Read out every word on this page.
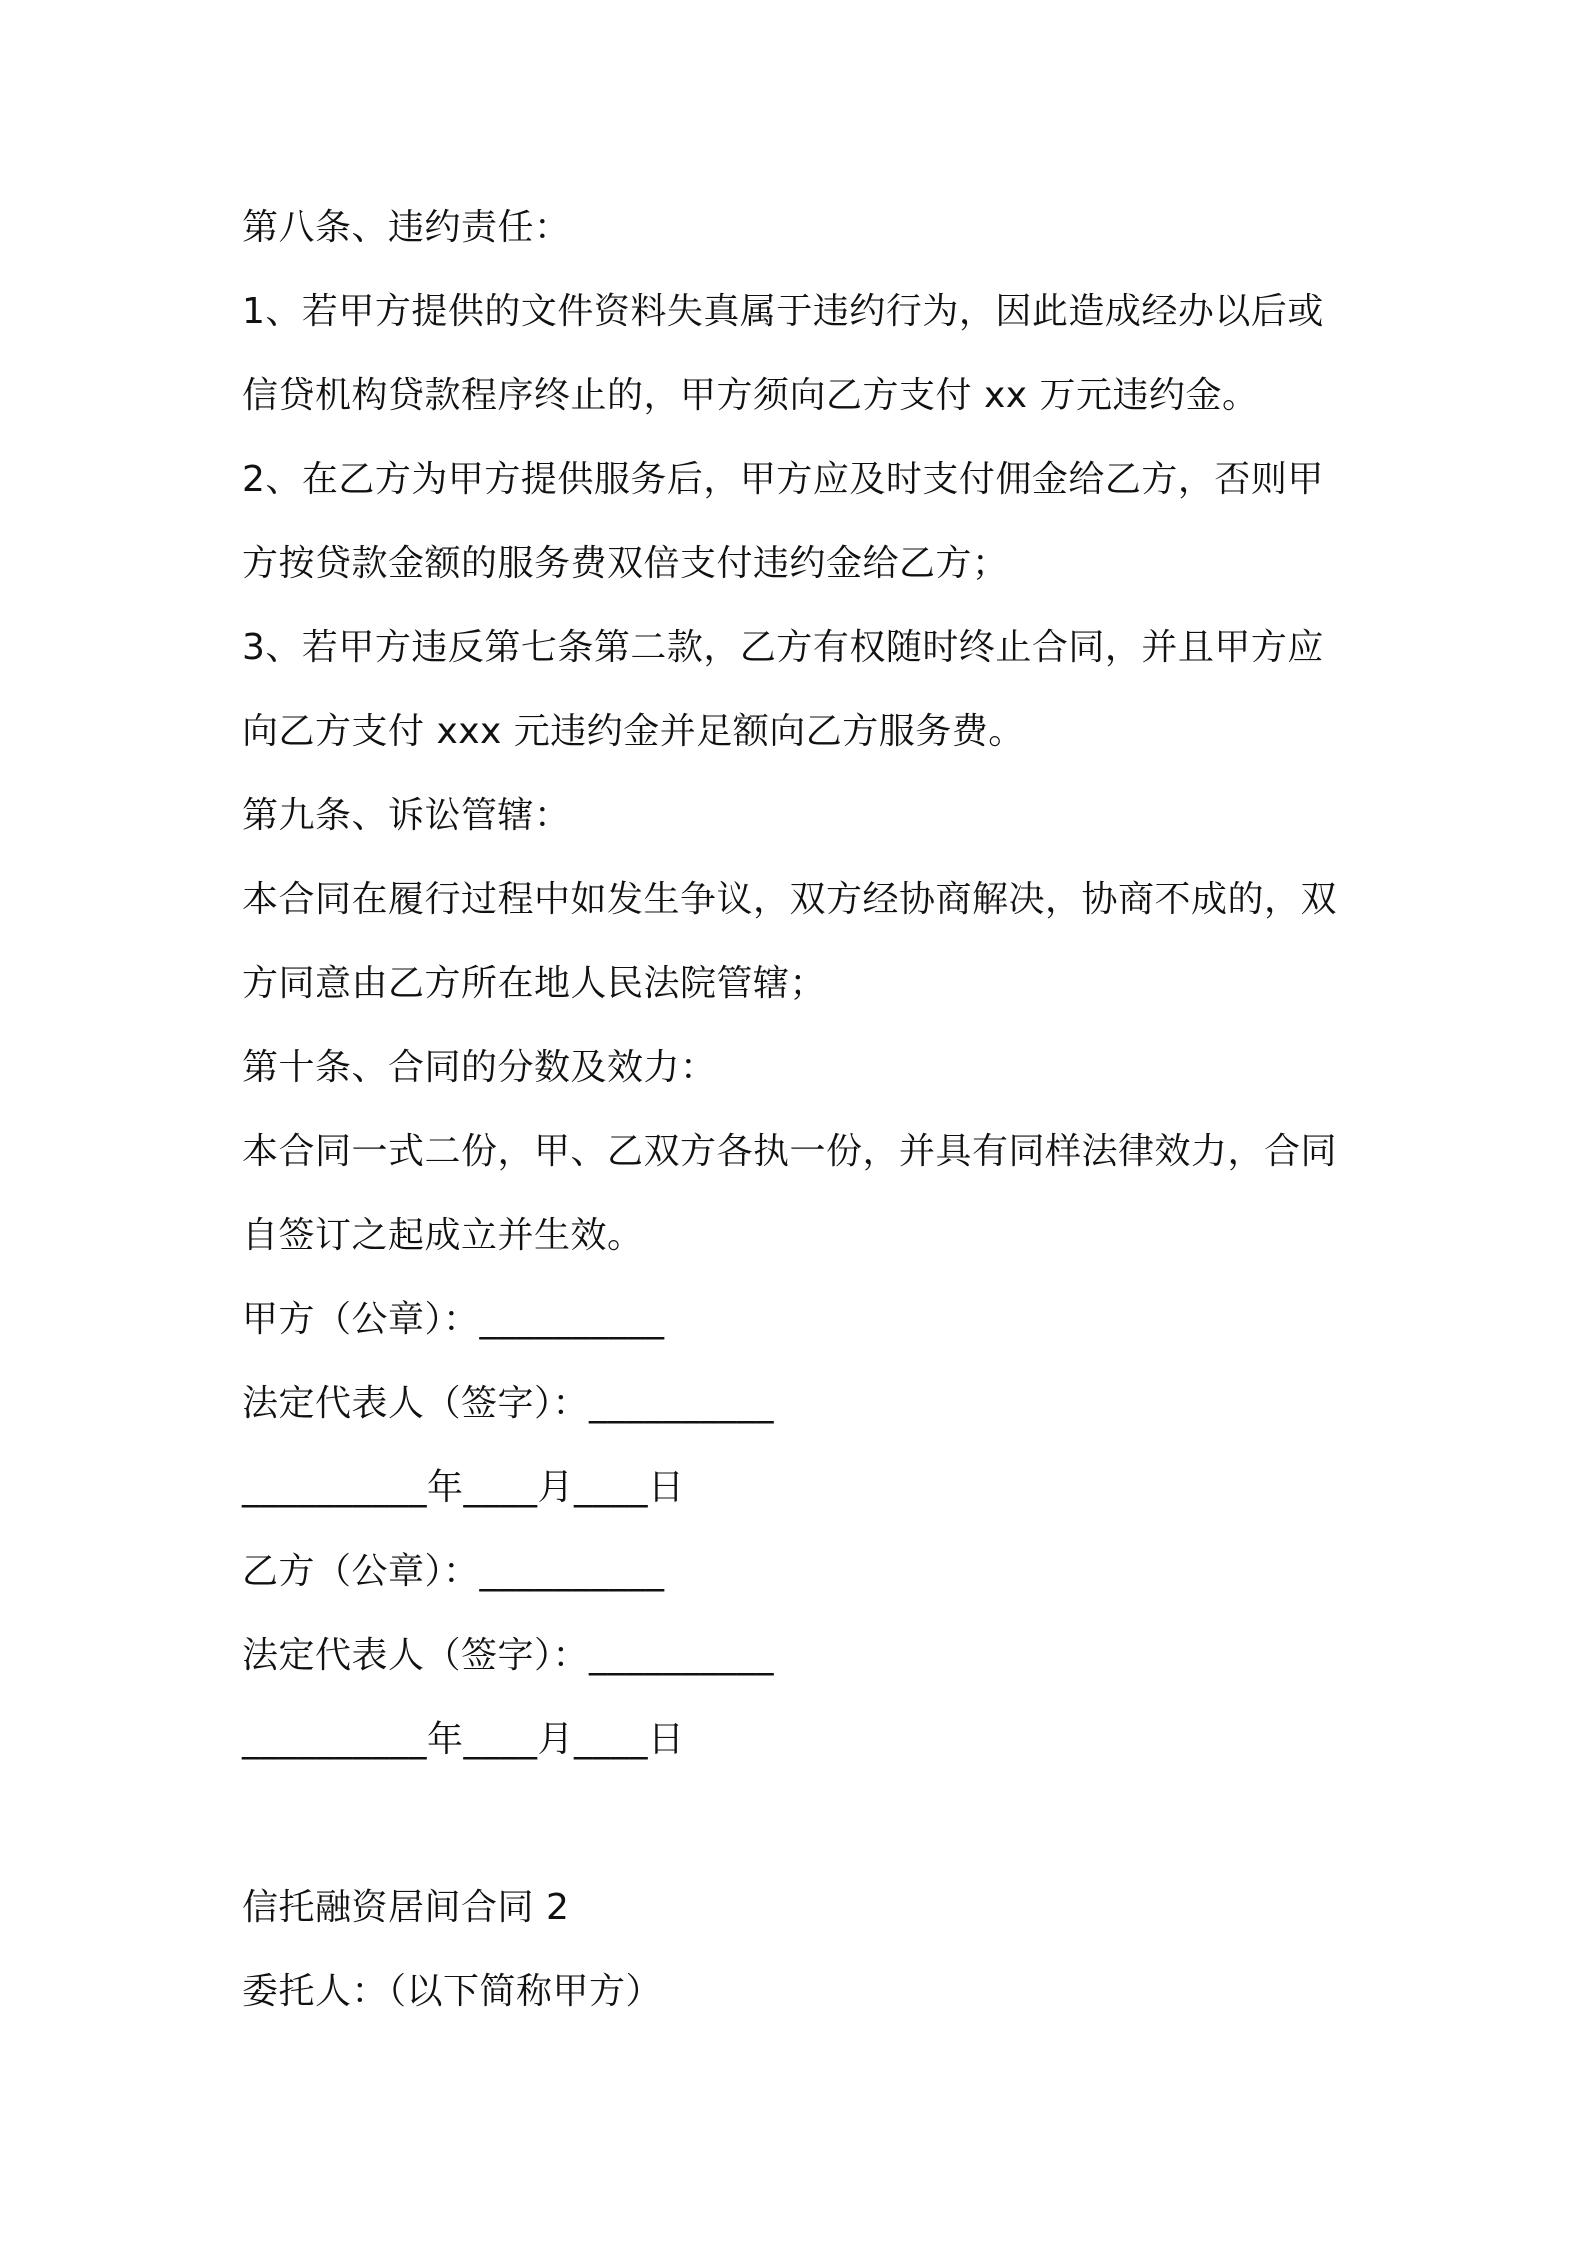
第八条、违约责任：
1、若甲方提供的文件资料失真属于违约行为，因此造成经办以后或
信贷机构贷款程序终止的，甲方须向乙方支付 xx 万元违约金。
2、在乙方为甲方提供服务后，甲方应及时支付佣金给乙方，否则甲
方按贷款金额的服务费双倍支付违约金给乙方；
3、若甲方违反第七条第二款，乙方有权随时终止合同，并且甲方应
向乙方支付 xxx 元违约金并足额向乙方服务费。
第九条、诉讼管辖：
本合同在履行过程中如发生争议，双方经协商解决，协商不成的，双
方同意由乙方所在地人民法院管辖；
第十条、合同的分数及效力：
本合同一式二份，甲、乙双方各执一份，并具有同样法律效力，合同
自签订之起成立并生效。
甲方（公章）：__________
法定代表人（签字）：__________
__________年____月____日
乙方（公章）：__________
法定代表人（签字）：__________
__________年____月____日
信托融资居间合同 2
委托人：（以下简称甲方）
